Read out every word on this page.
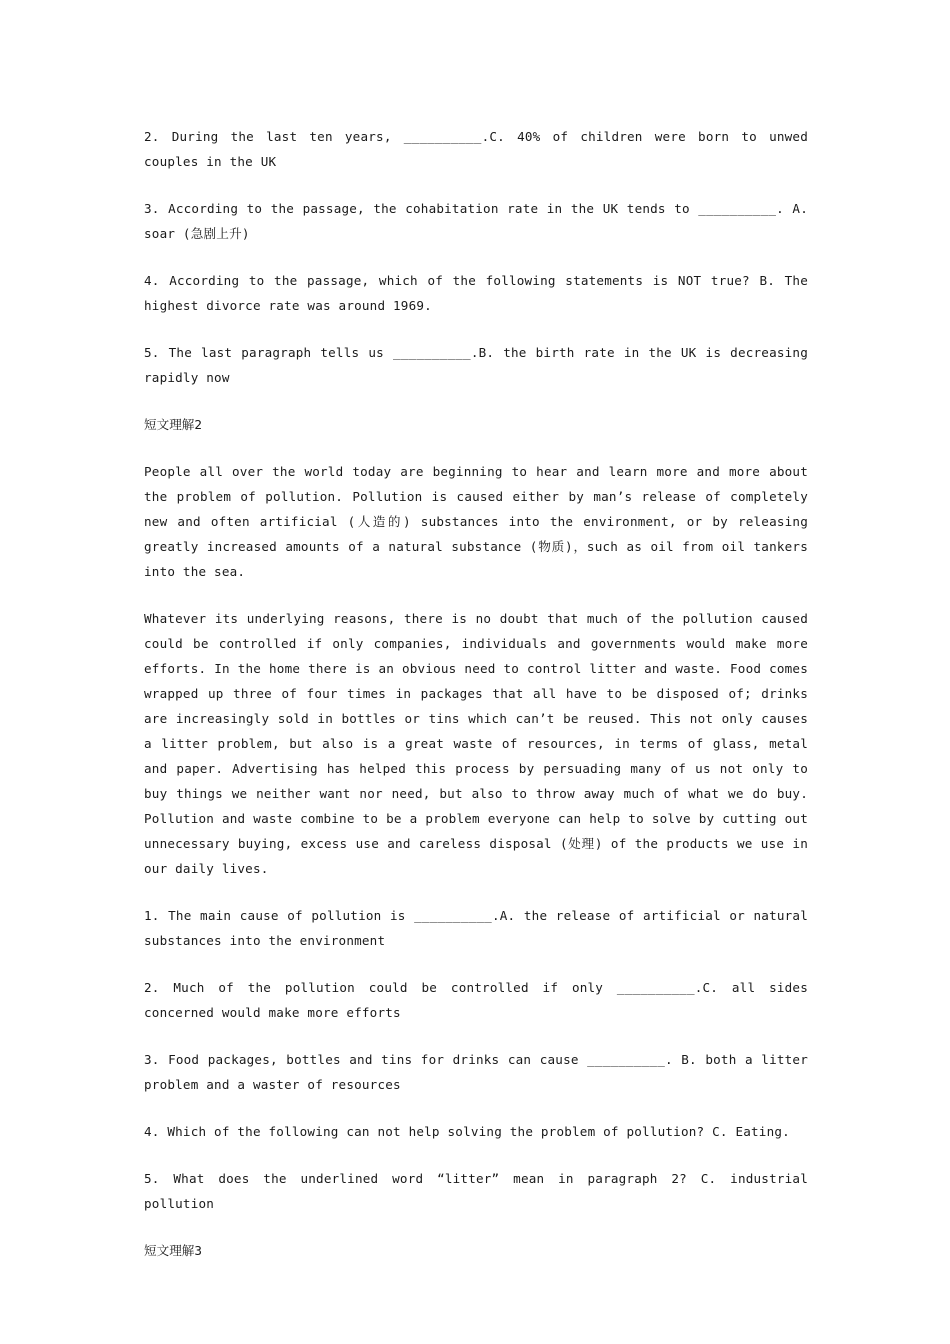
2. During the last ten years, __________.C. 40% of children were born to unwed couples in the UK

3. According to the passage, the cohabitation rate in the UK tends to __________. A. soar (急剧上升)

4. According to the passage, which of the following statements is NOT true? B. The highest divorce rate was around 1969.

5. The last paragraph tells us __________.B. the birth rate in the UK is decreasing rapidly now

短文理解2

People all over the world today are beginning to hear and learn more and more about the problem of pollution. Pollution is caused either by man’s release of completely new and often artificial (人造的) substances into the environment, or by releasing greatly increased amounts of a natural substance (物质)，such as oil from oil tankers into the sea.

Whatever its underlying reasons, there is no doubt that much of the pollution caused could be controlled if only companies, individuals and governments would make more efforts. In the home there is an obvious need to control litter and waste. Food comes wrapped up three of four times in packages that all have to be disposed of; drinks are increasingly sold in bottles or tins which can’t be reused. This not only causes a litter problem, but also is a great waste of resources, in terms of glass, metal and paper. Advertising has helped this process by persuading many of us not only to buy things we neither want nor need, but also to throw away much of what we do buy. Pollution and waste combine to be a problem everyone can help to solve by cutting out unnecessary buying, excess use and careless disposal (处理) of the products we use in our daily lives.

1. The main cause of pollution is __________.A. the release of artificial or natural substances into the environment

2. Much of the pollution could be controlled if only __________.C. all sides concerned would make more efforts

3. Food packages, bottles and tins for drinks can cause __________. B. both a litter problem and a waster of resources

4. Which of the following can not help solving the problem of pollution? C. Eating.

5. What does the underlined word “litter” mean in paragraph 2? C. industrial pollution

短文理解3
